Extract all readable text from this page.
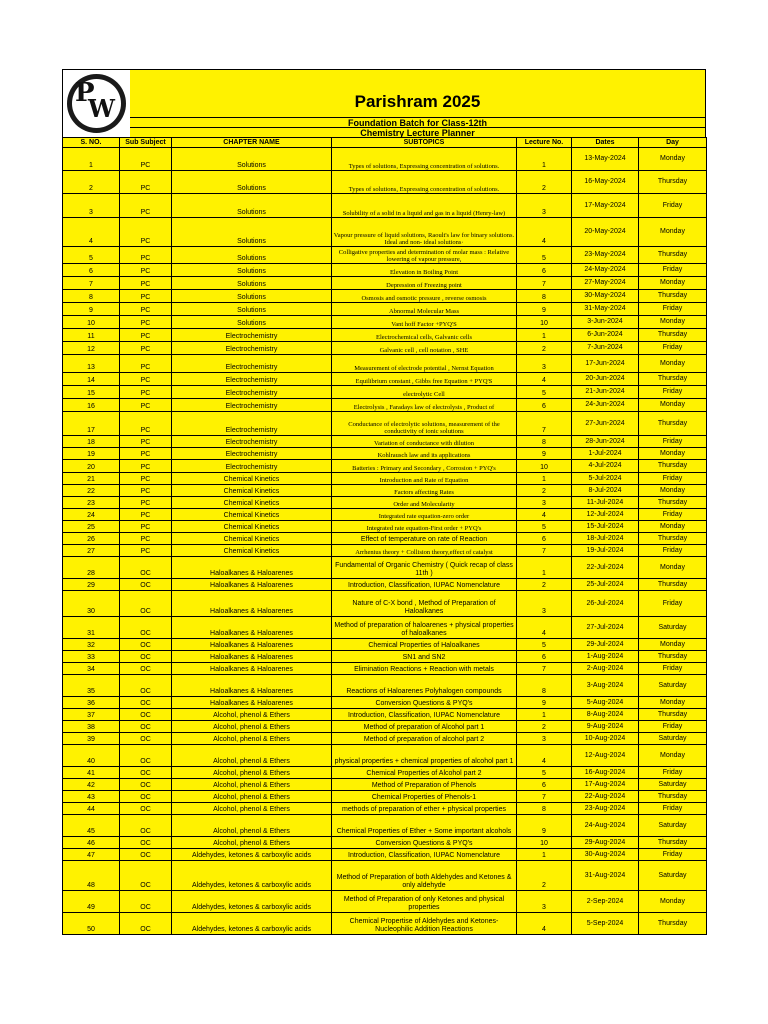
P
W	Parishram 2025
Foundation Batch for Class-12th
Chemistry Lecture Planner
S. NO.	Sub Subject	CHAPTER NAME	SUBTOPICS	Lecture No.	Dates	Day
1	PC	Solutions	Types of solutions, Expressing concentration of solutions.	1	13-May-2024	Monday
2	PC	Solutions	Types of solutions, Expressing concentration of solutions.	2	16-May-2024	Thursday
3	PC	Solutions	Solubility of a solid in a liquid and gas in a liquid (Henry-law)	3	17-May-2024	Friday
4	PC	Solutions	Vapour pressure of liquid solutions, Raoult's law for binary solutions. Ideal and non- ideal solutions·	4	20-May-2024	Monday
5	PC	Solutions	Colligative properties and determination of molar mass : Relative lowering of vapour pressure,	5	23-May-2024	Thursday
6	PC	Solutions	Elevation in Boiling Point	6	24-May-2024	Friday
7	PC	Solutions	Depression of Freezing point	7	27-May-2024	Monday
8	PC	Solutions	Osmosis and osmotic pressure , reverse osmosis	8	30-May-2024	Thursday
9	PC	Solutions	Abnormal Molecular Mass	9	31-May-2024	Friday
10	PC	Solutions	Vant hoff Factor +PYQ'S	10	3-Jun-2024	Monday
11	PC	Electrochemistry	Electrochemical cells, Galvanic cells	1	6-Jun-2024	Thursday
12	PC	Electrochemistry	Galvanic cell , cell notation , SHE	2	7-Jun-2024	Friday
13	PC	Electrochemistry	Measurement of electrode potential , Nernst Equation	3	17-Jun-2024	Monday
14	PC	Electrochemistry	Equilibrium constant , Gibbs free Equation + PYQ'S	4	20-Jun-2024	Thursday
15	PC	Electrochemistry	electrolytic Cell	5	21-Jun-2024	Friday
16	PC	Electrochemistry	Electrolysis , Faradays law of electrolysis , Product of	6	24-Jun-2024	Monday
17	PC	Electrochemistry	Conductance of electrolytic solutions, measurement of the conductivity of ionic solutions	7	27-Jun-2024	Thursday
18	PC	Electrochemistry	Variation of conductance with dilution	8	28-Jun-2024	Friday
19	PC	Electrochemistry	Kohlrausch law and its applications	9	1-Jul-2024	Monday
20	PC	Electrochemistry	Batteries : Primary and Secondary , Corrosion + PYQ's	10	4-Jul-2024	Thursday
21	PC	Chemical Kinetics	Introduction and Rate of Equation	1	5-Jul-2024	Friday
22	PC	Chemical Kinetics	Factors affecting Rates	2	8-Jul-2024	Monday
23	PC	Chemical Kinetics	Order and Molecularity	3	11-Jul-2024	Thursday
24	PC	Chemical Kinetics	Integrated rate equation-zero order	4	12-Jul-2024	Friday
25	PC	Chemical Kinetics	Integrated rate equation-First order + PYQ's	5	15-Jul-2024	Monday
26	PC	Chemical Kinetics	Effect of temperature on rate of Reaction	6	18-Jul-2024	Thursday
27	PC	Chemical Kinetics	Arrhenius theory + Collision theory,effect of catalyst	7	19-Jul-2024	Friday
28	OC	Haloalkanes & Haloarenes	Fundamental of Organic Chemistry ( Quick recap of class 11th )	1	22-Jul-2024	Monday
29	OC	Haloalkanes & Haloarenes	Introduction, Classification, IUPAC Nomenclature	2	25-Jul-2024	Thursday
30	OC	Haloalkanes & Haloarenes	Nature of C-X bond , Method of Preparation of Haloalkanes	3	26-Jul-2024	Friday
31	OC	Haloalkanes & Haloarenes	Method of preparation of haloarenes + physical properties of haloalkanes	4	27-Jul-2024	Saturday
32	OC	Haloalkanes & Haloarenes	Chemical Properties of Haloalkanes	5	29-Jul-2024	Monday
33	OC	Haloalkanes & Haloarenes	SN1 and SN2	6	1-Aug-2024	Thursday
34	OC	Haloalkanes & Haloarenes	Elimination Reactions + Reaction with metals	7	2-Aug-2024	Friday
35	OC	Haloalkanes & Haloarenes	Reactions of Haloarenes Polyhalogen compounds	8	3-Aug-2024	Saturday
36	OC	Haloalkanes & Haloarenes	Conversion Questions & PYQ's	9	5-Aug-2024	Monday
37	OC	Alcohol, phenol & Ethers	Introduction, Classification, IUPAC Nomenclature	1	8-Aug-2024	Thursday
38	OC	Alcohol, phenol & Ethers	Method of preparation of Alcohol part 1	2	9-Aug-2024	Friday
39	OC	Alcohol, phenol & Ethers	Method of preparation of alcohol part 2	3	10-Aug-2024	Saturday
40	OC	Alcohol, phenol & Ethers	physical properties + chemical properties of alcohol part 1	4	12-Aug-2024	Monday
41	OC	Alcohol, phenol & Ethers	Chemical Properties of Alcohol part 2	5	16-Aug-2024	Friday
42	OC	Alcohol, phenol & Ethers	Method of Preparation of Phenols	6	17-Aug-2024	Saturday
43	OC	Alcohol, phenol & Ethers	Chemical Properties of Phenols-1	7	22-Aug-2024	Thursday
44	OC	Alcohol, phenol & Ethers	methods of preparation of ether + physical properties	8	23-Aug-2024	Friday
45	OC	Alcohol, phenol & Ethers	Chemical Properties of Ether + Some important alcohols	9	24-Aug-2024	Saturday
46	OC	Alcohol, phenol & Ethers	Conversion Questions & PYQ's	10	29-Aug-2024	Thursday
47	OC	Aldehydes, ketones & carboxylic acids	Introduction, Classification, IUPAC Nomenclature	1	30-Aug-2024	Friday
48	OC	Aldehydes, ketones & carboxylic acids	Method of Preparation of both Aldehydes and Ketones & only aldehyde	2	31-Aug-2024	Saturday
49	OC	Aldehydes, ketones & carboxylic acids	Method of Preparation of only Ketones and physical properties	3	2-Sep-2024	Monday
50	OC	Aldehydes, ketones & carboxylic acids	Chemical Propertise of Aldehydes and Ketones-Nucleophilic Addition Reactions	4	5-Sep-2024	Thursday
